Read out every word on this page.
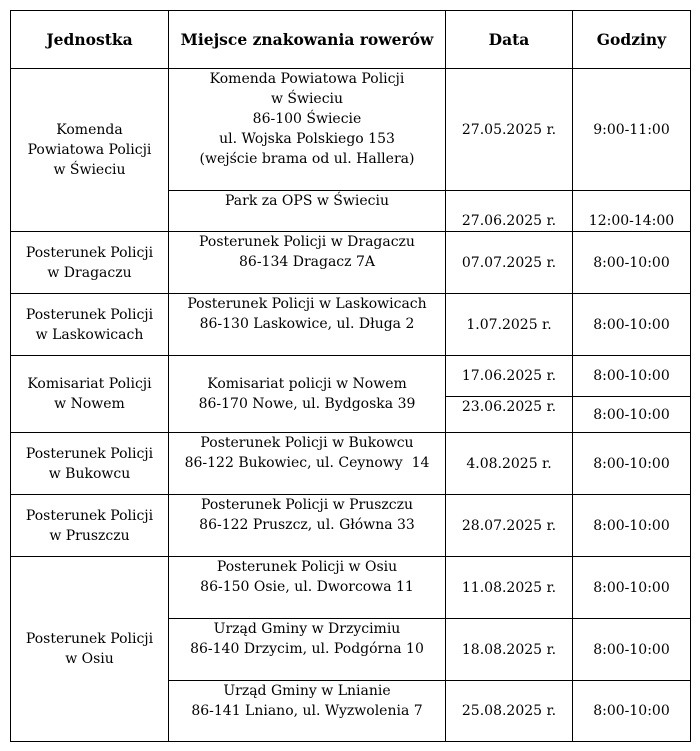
Jednostka	Miejsce znakowania rowerów	Data	Godziny

Komenda
Powiatowa Policji
w Świeciu	Komenda Powiatowa Policji
w Świeciu
86-100 Świecie
ul. Wojska Polskiego 153
(wejście brama od ul. Hallera)	27.05.2025 r.	9:00-11:00

	Park za OPS w Świeciu	27.06.2025 r.	12:00-14:00

Posterunek Policji
w Dragaczu	Posterunek Policji w Dragaczu
86-134 Dragacz 7A	07.07.2025 r.	8:00-10:00

Posterunek Policji
w Laskowicach	Posterunek Policji w Laskowicach
86-130 Laskowice, ul. Długa 2	1.07.2025 r.	8:00-10:00

Komisariat Policji
w Nowem	Komisariat policji w Nowem
86-170 Nowe, ul. Bydgoska 39	17.06.2025 r.	8:00-10:00
		23.06.2025 r.	8:00-10:00

Posterunek Policji
w Bukowcu	Posterunek Policji w Bukowcu
86-122 Bukowiec, ul. Ceynowy  14	4.08.2025 r.	8:00-10:00

Posterunek Policji
w Pruszczu	Posterunek Policji w Pruszczu
86-122 Pruszcz, ul. Główna 33	28.07.2025 r.	8:00-10:00

Posterunek Policji
w Osiu	Posterunek Policji w Osiu
86-150 Osie, ul. Dworcowa 11	11.08.2025 r.	8:00-10:00

	Urząd Gminy w Drzycimiu
86-140 Drzycim, ul. Podgórna 10	18.08.2025 r.	8:00-10:00

	Urząd Gminy w Lnianie
86-141 Lniano, ul. Wyzwolenia 7	25.08.2025 r.	8:00-10:00
